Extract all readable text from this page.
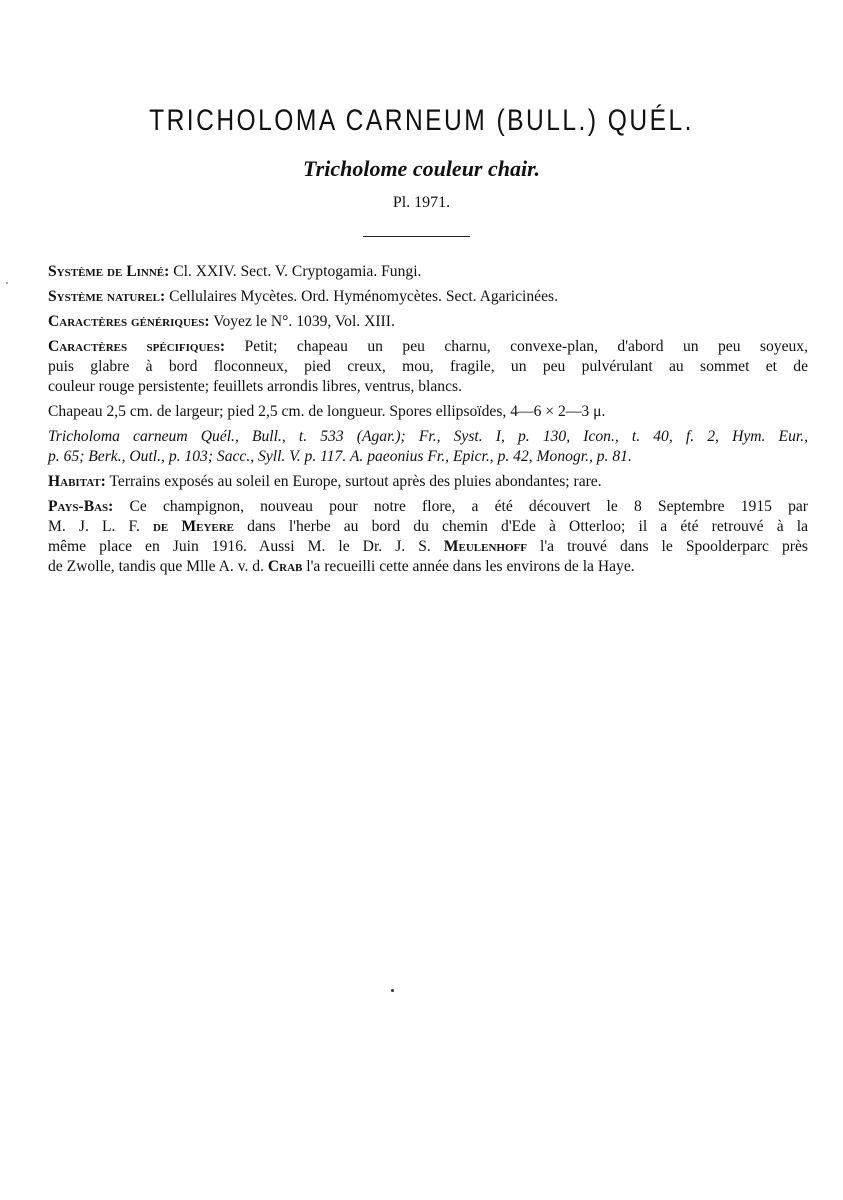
TRICHOLOMA CARNEUM (BULL.) QUÉL.
Tricholome couleur chair.
Pl. 1971.

Système de Linné: Cl. XXIV. Sect. V. Cryptogamia. Fungi.

Système naturel: Cellulaires Mycètes. Ord. Hyménomycètes. Sect. Agaricinées.

Caractères génériques: Voyez le N°. 1039, Vol. XIII.

Caractères spécifiques: Petit; chapeau un peu charnu, convexe-plan, d'abord un peu soyeux,
puis glabre à bord floconneux, pied creux, mou, fragile, un peu pulvérulant au sommet et de
couleur rouge persistente; feuillets arrondis libres, ventrus, blancs.

Chapeau 2,5 cm. de largeur; pied 2,5 cm. de longueur. Spores ellipsoïdes, 4—6 × 2—3 μ.

Tricholoma carneum Quél., Bull., t. 533 (Agar.); Fr., Syst. I, p. 130, Icon., t. 40, f. 2, Hym. Eur.,
p. 65; Berk., Outl., p. 103; Sacc., Syll. V. p. 117. A. paeonius Fr., Epicr., p. 42, Monogr., p. 81.

Habitat: Terrains exposés au soleil en Europe, surtout après des pluies abondantes; rare.

Pays-Bas: Ce champignon, nouveau pour notre flore, a été découvert le 8 Septembre 1915 par
M. J. L. F. de Meyere dans l'herbe au bord du chemin d'Ede à Otterloo; il a été retrouvé à la
même place en Juin 1916. Aussi M. le Dr. J. S. Meulenhoff l'a trouvé dans le Spoolderparc près
de Zwolle, tandis que Mlle A. v. d. Crab l'a recueilli cette année dans les environs de la Haye.
